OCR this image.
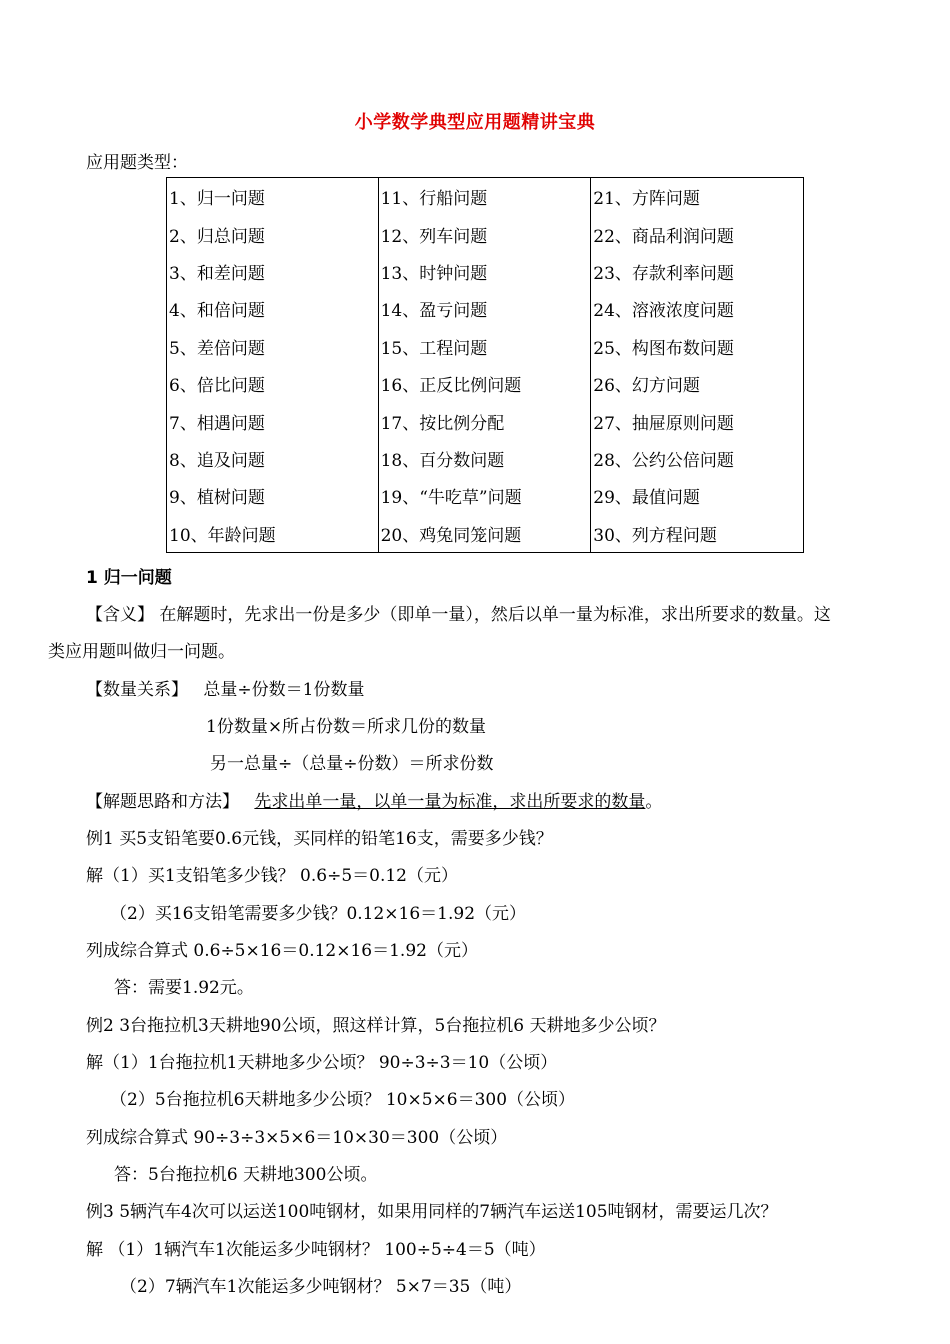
小学数学典型应用题精讲宝典
应用题类型：
1、归一问题	11、行船问题	21、方阵问题
2、归总问题	12、列车问题	22、商品利润问题
3、和差问题	13、时钟问题	23、存款利率问题
4、和倍问题	14、盈亏问题	24、溶液浓度问题
5、差倍问题	15、工程问题	25、构图布数问题
6、倍比问题	16、正反比例问题	26、幻方问题
7、相遇问题	17、按比例分配	27、抽屉原则问题
8、追及问题	18、百分数问题	28、公约公倍问题
9、植树问题	19、“牛吃草”问题	29、最值问题
10、年龄问题	20、鸡兔同笼问题	30、列方程问题
1 归一问题
【含义】 在解题时，先求出一份是多少（即单一量），然后以单一量为标准，求出所要求的数量。这
类应用题叫做归一问题。
【数量关系】 总量÷份数＝1份数量
1份数量×所占份数＝所求几份的数量
另一总量÷（总量÷份数）＝所求份数
【解题思路和方法】 先求出单一量，以单一量为标准，求出所要求的数量。
例1 买5支铅笔要0.6元钱，买同样的铅笔16支，需要多少钱？
解（1）买1支铅笔多少钱？ 0.6÷5＝0.12（元）
（2）买16支铅笔需要多少钱？0.12×16＝1.92（元）
列成综合算式 0.6÷5×16＝0.12×16＝1.92（元）
答：需要1.92元。
例2 3台拖拉机3天耕地90公顷，照这样计算，5台拖拉机6 天耕地多少公顷？
解（1）1台拖拉机1天耕地多少公顷？ 90÷3÷3＝10（公顷）
（2）5台拖拉机6天耕地多少公顷？ 10×5×6＝300（公顷）
列成综合算式 90÷3÷3×5×6＝10×30＝300（公顷）
答：5台拖拉机6 天耕地300公顷。
例3 5辆汽车4次可以运送100吨钢材，如果用同样的7辆汽车运送105吨钢材，需要运几次？
解 （1）1辆汽车1次能运多少吨钢材？ 100÷5÷4＝5（吨）
（2）7辆汽车1次能运多少吨钢材？ 5×7＝35（吨）
